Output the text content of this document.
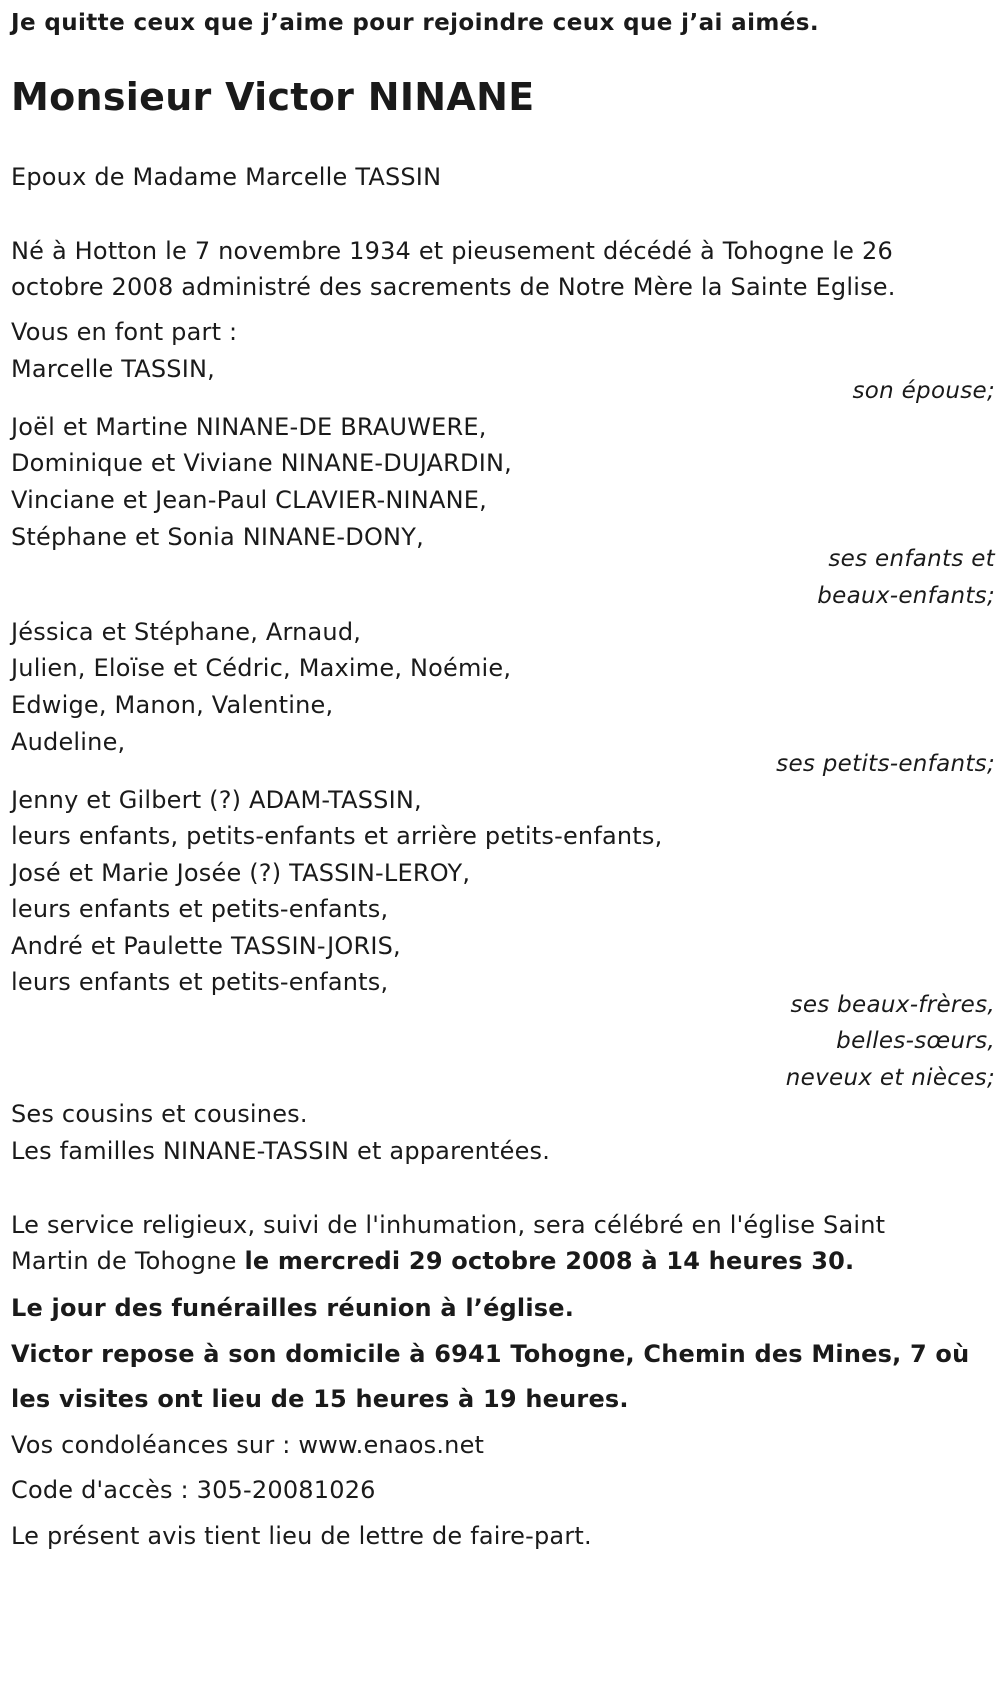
Je quitte ceux que j’aime pour rejoindre ceux que j’ai aimés.
Monsieur Victor NINANE
Epoux de Madame Marcelle TASSIN
Né à Hotton le 7 novembre 1934 et pieusement décédé à Tohogne le 26
octobre 2008 administré des sacrements de Notre Mère la Sainte Eglise.
Vous en font part :
Marcelle TASSIN,
son épouse;
Joël et Martine NINANE-DE BRAUWERE,
Dominique et Viviane NINANE-DUJARDIN,
Vinciane et Jean-Paul CLAVIER-NINANE,
Stéphane et Sonia NINANE-DONY,
ses enfants et
beaux-enfants;
Jéssica et Stéphane, Arnaud,
Julien, Eloïse et Cédric, Maxime, Noémie,
Edwige, Manon, Valentine,
Audeline,
ses petits-enfants;
Jenny et Gilbert (?) ADAM-TASSIN,
leurs enfants, petits-enfants et arrière petits-enfants,
José et Marie Josée (?) TASSIN-LEROY,
leurs enfants et petits-enfants,
André et Paulette TASSIN-JORIS,
leurs enfants et petits-enfants,
ses beaux-frères,
belles-sœurs,
neveux et nièces;
Ses cousins et cousines.
Les familles NINANE-TASSIN et apparentées.
Le service religieux, suivi de l'inhumation, sera célébré en l'église Saint
Martin de Tohogne le mercredi 29 octobre 2008 à 14 heures 30.
Le jour des funérailles réunion à l’église.
Victor repose à son domicile à 6941 Tohogne, Chemin des Mines, 7 où
les visites ont lieu de 15 heures à 19 heures.
Vos condoléances sur : www.enaos.net
Code d'accès : 305-20081026
Le présent avis tient lieu de lettre de faire-part.
